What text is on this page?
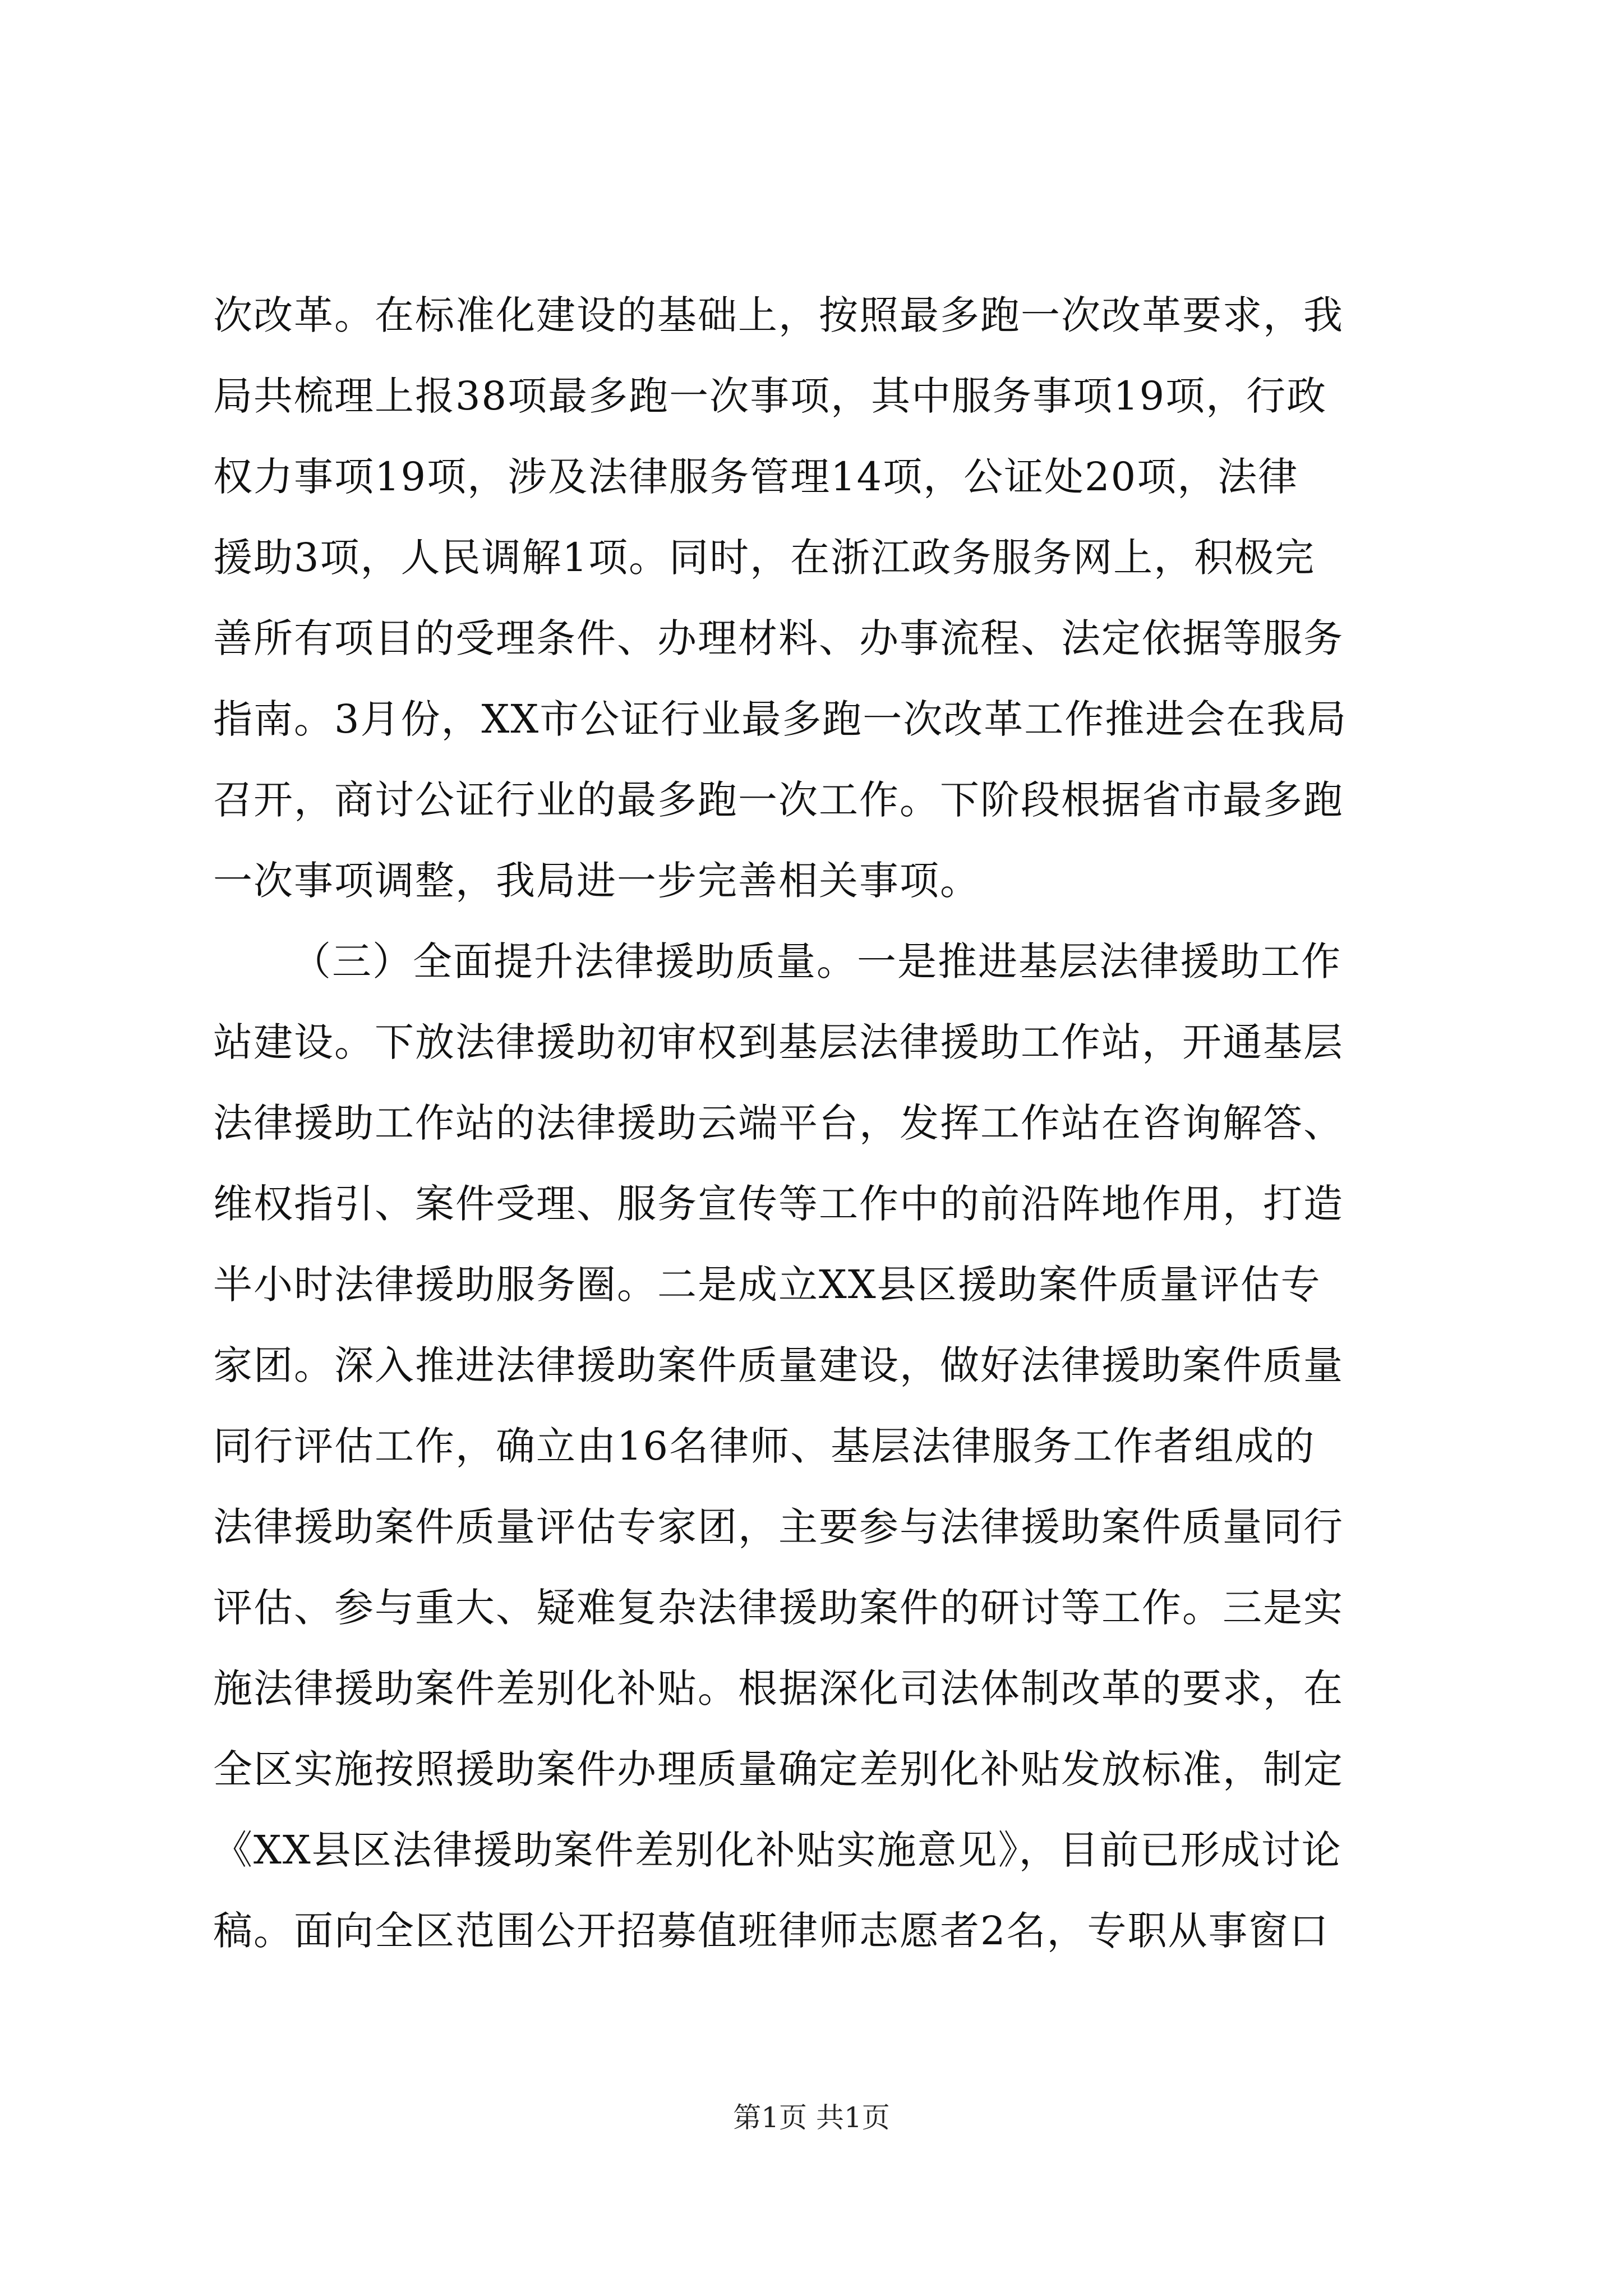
次改革。在标准化建设的基础上，按照最多跑一次改革要求，我
局共梳理上报38项最多跑一次事项，其中服务事项19项，行政
权力事项19项，涉及法律服务管理14项，公证处20项，法律
援助3项，人民调解1项。同时，在浙江政务服务网上，积极完
善所有项目的受理条件、办理材料、办事流程、法定依据等服务
指南。3月份，XX市公证行业最多跑一次改革工作推进会在我局
召开，商讨公证行业的最多跑一次工作。下阶段根据省市最多跑
一次事项调整，我局进一步完善相关事项。
（三）全面提升法律援助质量。一是推进基层法律援助工作
站建设。下放法律援助初审权到基层法律援助工作站，开通基层
法律援助工作站的法律援助云端平台，发挥工作站在咨询解答、
维权指引、案件受理、服务宣传等工作中的前沿阵地作用，打造
半小时法律援助服务圈。二是成立XX县区援助案件质量评估专
家团。深入推进法律援助案件质量建设，做好法律援助案件质量
同行评估工作，确立由16名律师、基层法律服务工作者组成的
法律援助案件质量评估专家团，主要参与法律援助案件质量同行
评估、参与重大、疑难复杂法律援助案件的研讨等工作。三是实
施法律援助案件差别化补贴。根据深化司法体制改革的要求，在
全区实施按照援助案件办理质量确定差别化补贴发放标准，制定
《XX县区法律援助案件差别化补贴实施意见》，目前已形成讨论
稿。面向全区范围公开招募值班律师志愿者2名，专职从事窗口
第1页 共1页
